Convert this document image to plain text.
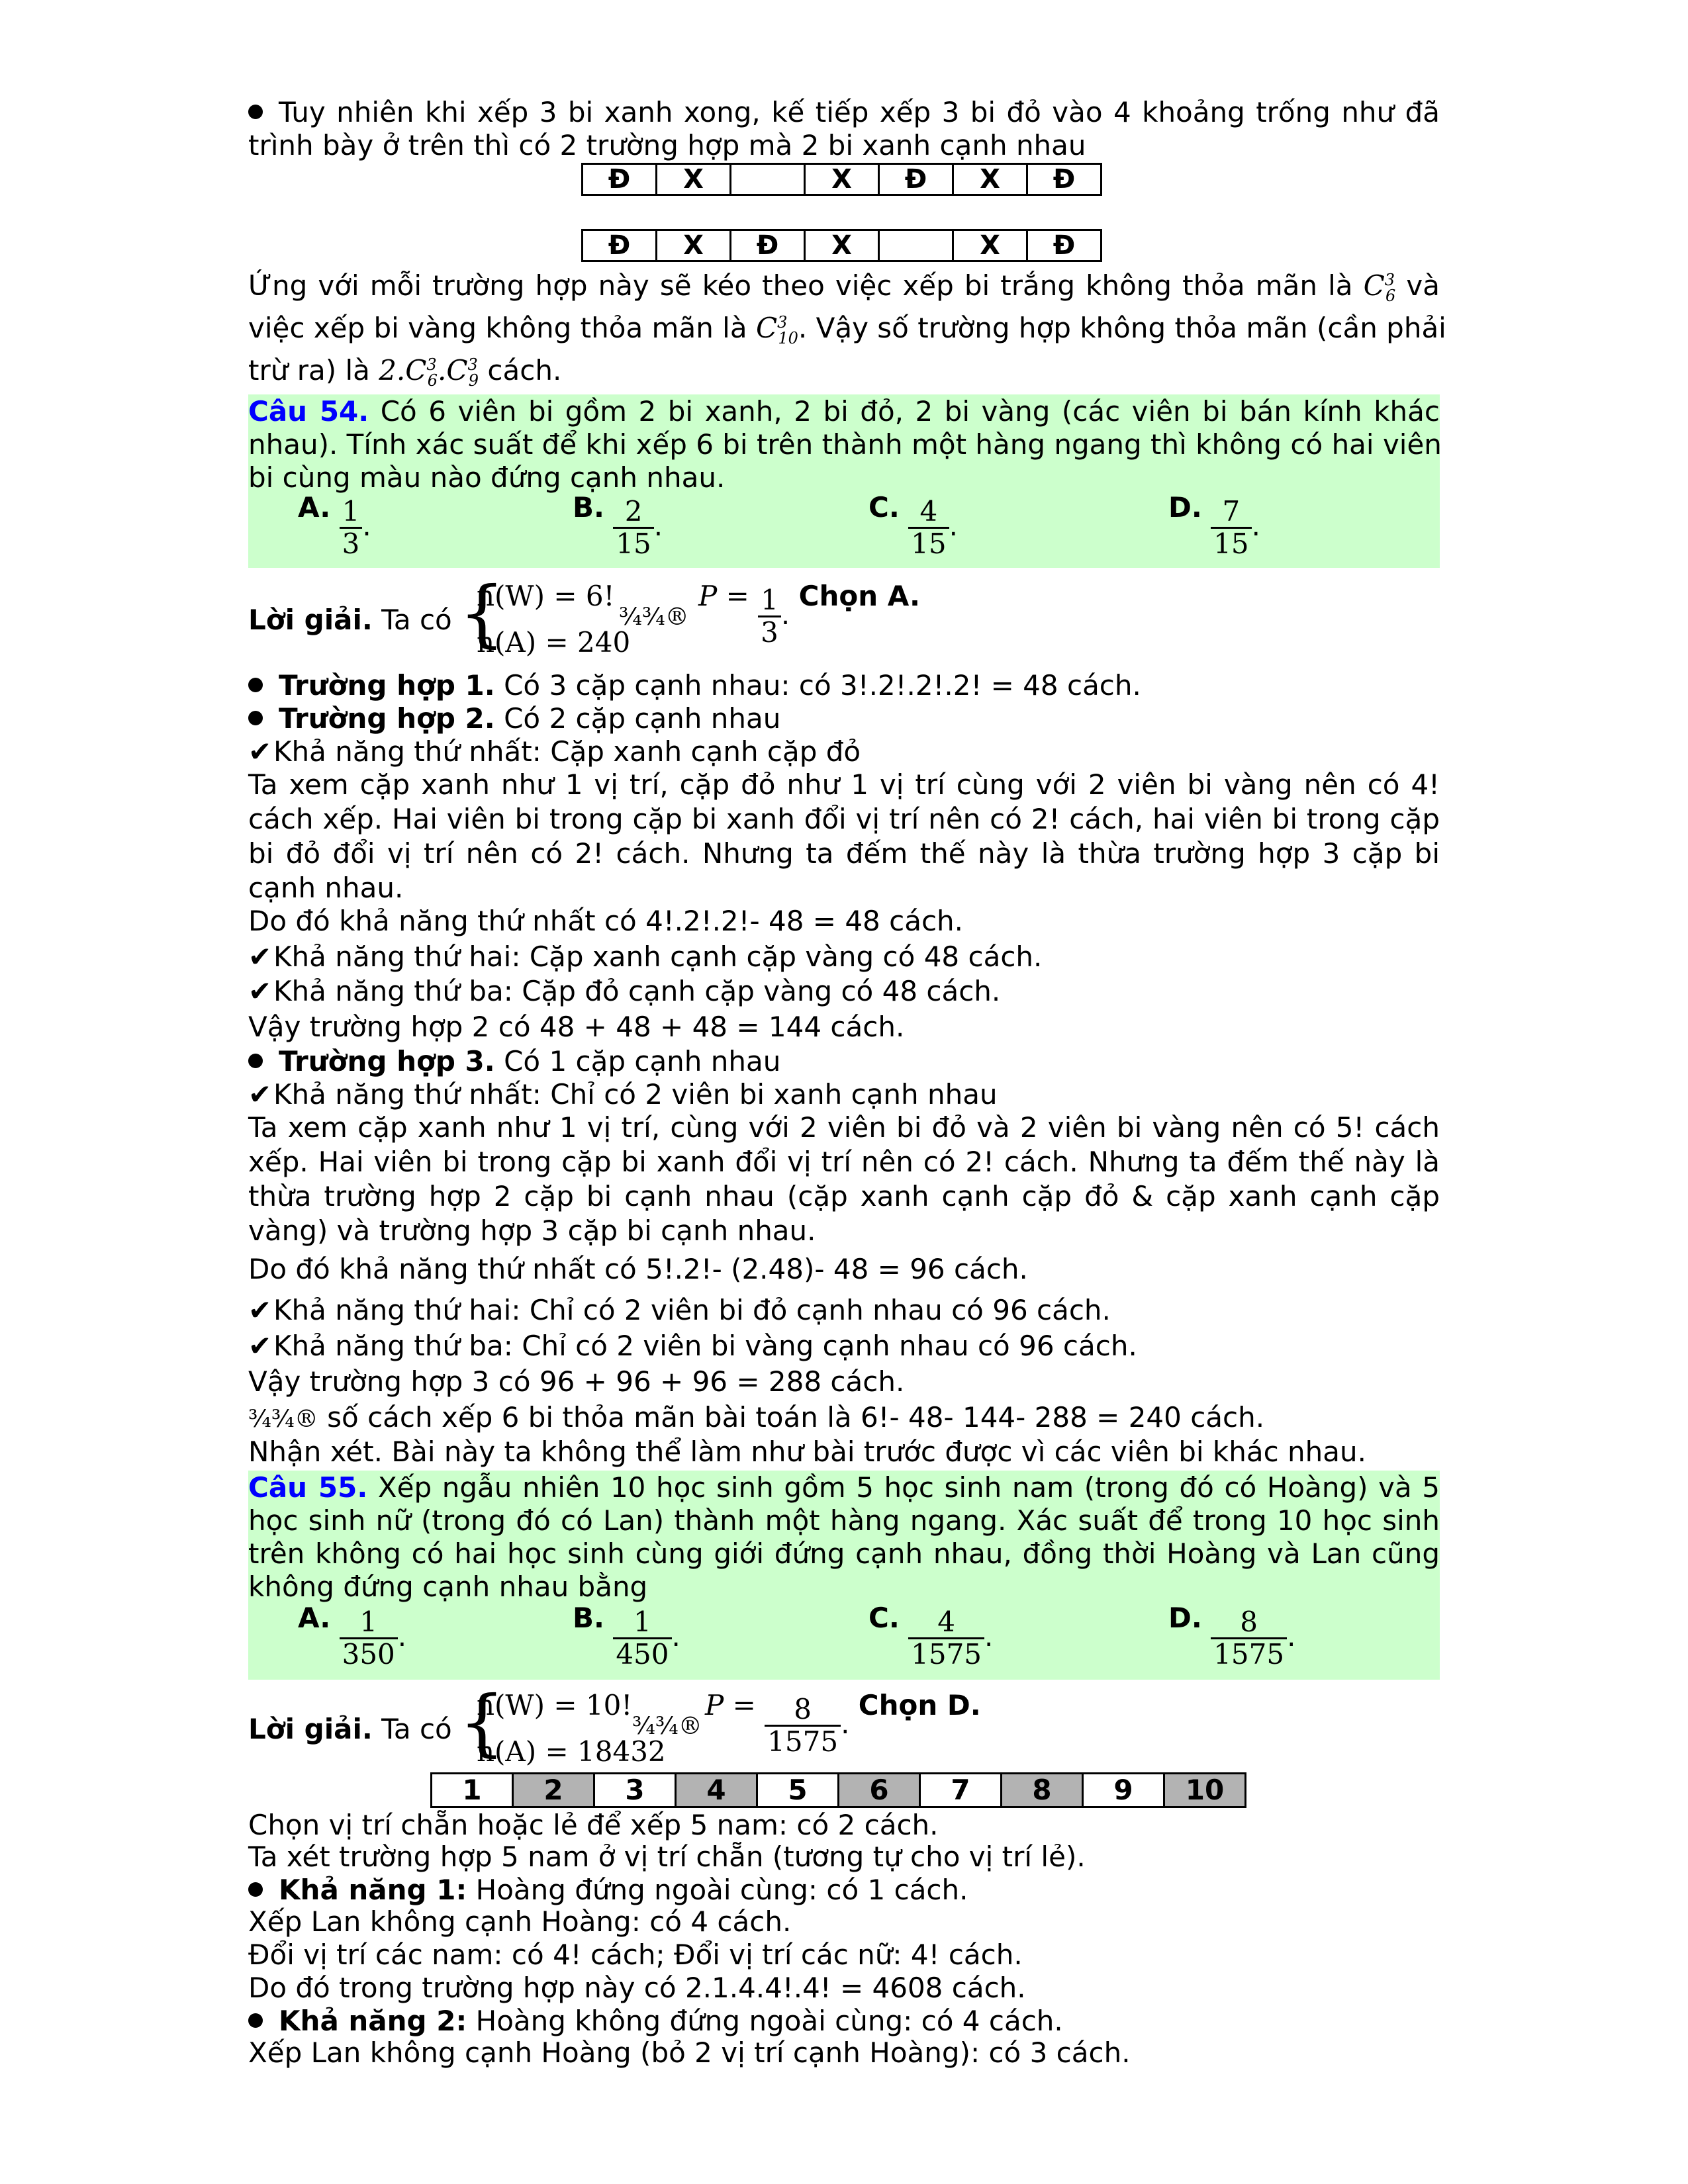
Tuy nhiên khi xếp 3 bi xanh xong, kế tiếp xếp 3 bi đỏ vào 4 khoảng trống như đã
trình bày ở trên thì có 2 trường hợp mà 2 bi xanh cạnh nhau
Đ	X		X	Đ	X	Đ
Đ	X	Đ	X		X	Đ
Ứng với mỗi trường hợp này sẽ kéo theo việc xếp bi trắng không thỏa mãn là $C^3_6$ và
việc xếp bi vàng không thỏa mãn là $C^3_{10}$. Vậy số trường hợp không thỏa mãn (cần phải
trừ ra) là $2.C^3_6.C^3_9$ cách.
Câu 54. Có 6 viên bi gồm 2 bi xanh, 2 bi đỏ, 2 bi vàng (các viên bi bán kính khác
nhau). Tính xác suất để khi xếp 6 bi trên thành một hàng ngang thì không có hai viên
bi cùng màu nào đứng cạnh nhau.
A. $\frac{1}{3}$ .
B. $\frac{2}{15}$ .
C. $\frac{4}{15}$ .
D. $\frac{7}{15}$ .
Lời giải. Ta có {
n(W) = 6!
n(A) = 240
¾¾®
$P = \frac{1}{3}$ . Chọn A.
Trường hợp 1. Có 3 cặp cạnh nhau: có 3!.2!.2!.2! = 48 cách.
Trường hợp 2. Có 2 cặp cạnh nhau
✔Khả năng thứ nhất: Cặp xanh cạnh cặp đỏ
Ta xem cặp xanh như 1 vị trí, cặp đỏ như 1 vị trí cùng với 2 viên bi vàng nên có 4!
cách xếp. Hai viên bi trong cặp bi xanh đổi vị trí nên có 2! cách, hai viên bi trong cặp
bi đỏ đổi vị trí nên có 2! cách. Nhưng ta đếm thế này là thừa trường hợp 3 cặp bi
cạnh nhau.
Do đó khả năng thứ nhất có 4!.2!.2!- 48 = 48 cách.
✔Khả năng thứ hai: Cặp xanh cạnh cặp vàng có 48 cách.
✔Khả năng thứ ba: Cặp đỏ cạnh cặp vàng có 48 cách.
Vậy trường hợp 2 có 48 + 48 + 48 = 144 cách.
Trường hợp 3. Có 1 cặp cạnh nhau
✔Khả năng thứ nhất: Chỉ có 2 viên bi xanh cạnh nhau
Ta xem cặp xanh như 1 vị trí, cùng với 2 viên bi đỏ và 2 viên bi vàng nên có 5! cách
xếp. Hai viên bi trong cặp bi xanh đổi vị trí nên có 2! cách. Nhưng ta đếm thế này là
thừa trường hợp 2 cặp bi cạnh nhau (cặp xanh cạnh cặp đỏ & cặp xanh cạnh cặp
vàng) và trường hợp 3 cặp bi cạnh nhau.
Do đó khả năng thứ nhất có 5!.2!- (2.48)- 48 = 96 cách.
✔Khả năng thứ hai: Chỉ có 2 viên bi đỏ cạnh nhau có 96 cách.
✔Khả năng thứ ba: Chỉ có 2 viên bi vàng cạnh nhau có 96 cách.
Vậy trường hợp 3 có 96 + 96 + 96 = 288 cách.
¾¾® số cách xếp 6 bi thỏa mãn bài toán là 6!- 48- 144- 288 = 240 cách.
Nhận xét. Bài này ta không thể làm như bài trước được vì các viên bi khác nhau.
Câu 55. Xếp ngẫu nhiên 10 học sinh gồm 5 học sinh nam (trong đó có Hoàng) và 5
học sinh nữ (trong đó có Lan) thành một hàng ngang. Xác suất để trong 10 học sinh
trên không có hai học sinh cùng giới đứng cạnh nhau, đồng thời Hoàng và Lan cũng
không đứng cạnh nhau bằng
A. $\frac{1}{350}$ .
B. $\frac{1}{450}$ .
C. $\frac{4}{1575}$ .
D. $\frac{8}{1575}$ .
Lời giải. Ta có {
n(W) = 10!
n(A) = 18432
¾¾®
$P = \frac{8}{1575}$ . Chọn D.
1	2	3	4	5	6	7	8	9	10
Chọn vị trí chẵn hoặc lẻ để xếp 5 nam: có 2 cách.
Ta xét trường hợp 5 nam ở vị trí chẵn (tương tự cho vị trí lẻ).
Khả năng 1: Hoàng đứng ngoài cùng: có 1 cách.
Xếp Lan không cạnh Hoàng: có 4 cách.
Đổi vị trí các nam: có 4! cách; Đổi vị trí các nữ: 4! cách.
Do đó trong trường hợp này có 2.1.4.4!.4! = 4608 cách.
Khả năng 2: Hoàng không đứng ngoài cùng: có 4 cách.
Xếp Lan không cạnh Hoàng (bỏ 2 vị trí cạnh Hoàng): có 3 cách.
